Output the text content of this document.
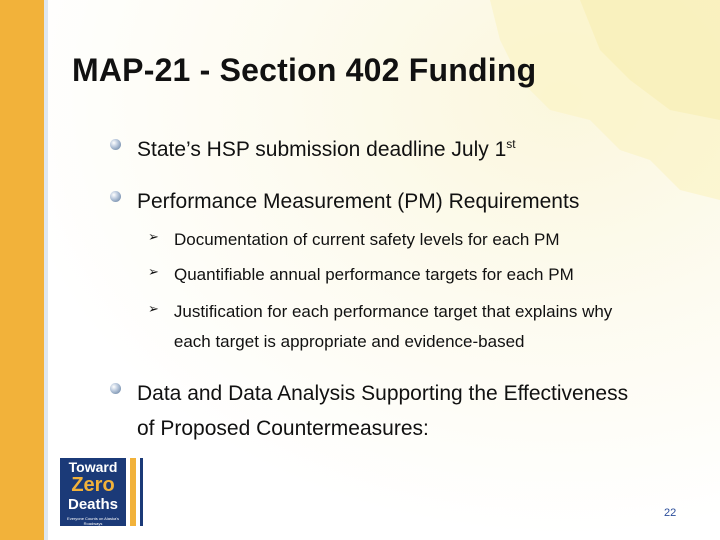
MAP-21 - Section 402 Funding
State’s HSP submission deadline July 1st
Performance Measurement (PM) Requirements
➢ Documentation of current safety levels for each PM
➢ Quantifiable annual performance targets for each PM
➢ Justification for each performance target that explains why each target is appropriate and evidence-based
Data and Data Analysis Supporting the Effectiveness of Proposed Countermeasures:
Toward
Zero
Deaths
Everyone Counts on Alaska's Roadways
22
